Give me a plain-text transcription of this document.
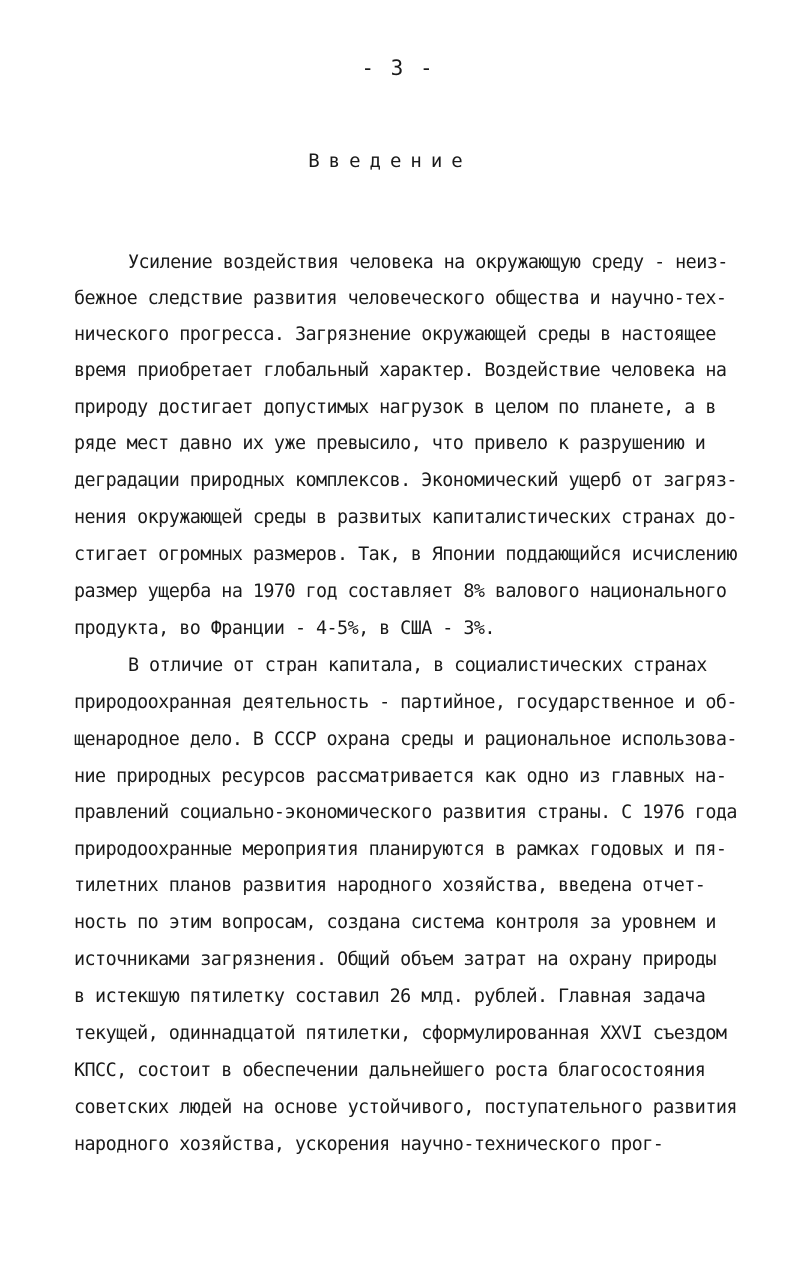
- 3 -
Введение
Усиление воздействия человека на окружающую среду - неиз-
бежное следствие развития человеческого общества и научно-тех-
нического прогресса. Загрязнение окружающей среды в настоящее
время приобретает глобальный характер. Воздействие человека на
природу достигает допустимых нагрузок в целом по планете, а в
ряде мест давно их уже превысило, что привело к разрушению и
деградации природных комплексов. Экономический ущерб от загряз-
нения окружающей среды в развитых капиталистических странах до-
стигает огромных размеров. Так, в Японии поддающийся исчислению
размер ущерба на 1970 год составляет 8% валового национального
продукта, во Франции - 4-5%, в США - 3%.
В отличие от стран капитала, в социалистических странах
природоохранная деятельность - партийное, государственное и об-
щенародное дело. В СССР охрана среды и рациональное использова-
ние природных ресурсов рассматривается как одно из главных на-
правлений социально-экономического развития страны. С 1976 года
природоохранные мероприятия планируются в рамках годовых и пя-
тилетних планов развития народного хозяйства, введена отчет-
ность по этим вопросам, создана система контроля за уровнем и
источниками загрязнения. Общий объем затрат на охрану природы
в истекшую пятилетку составил 26 млд. рублей. Главная задача
текущей, одиннадцатой пятилетки, сформулированная XXVI съездом
КПСС, состоит в обеспечении дальнейшего роста благосостояния
советских людей на основе устойчивого, поступательного развития
народного хозяйства, ускорения научно-технического прог-
